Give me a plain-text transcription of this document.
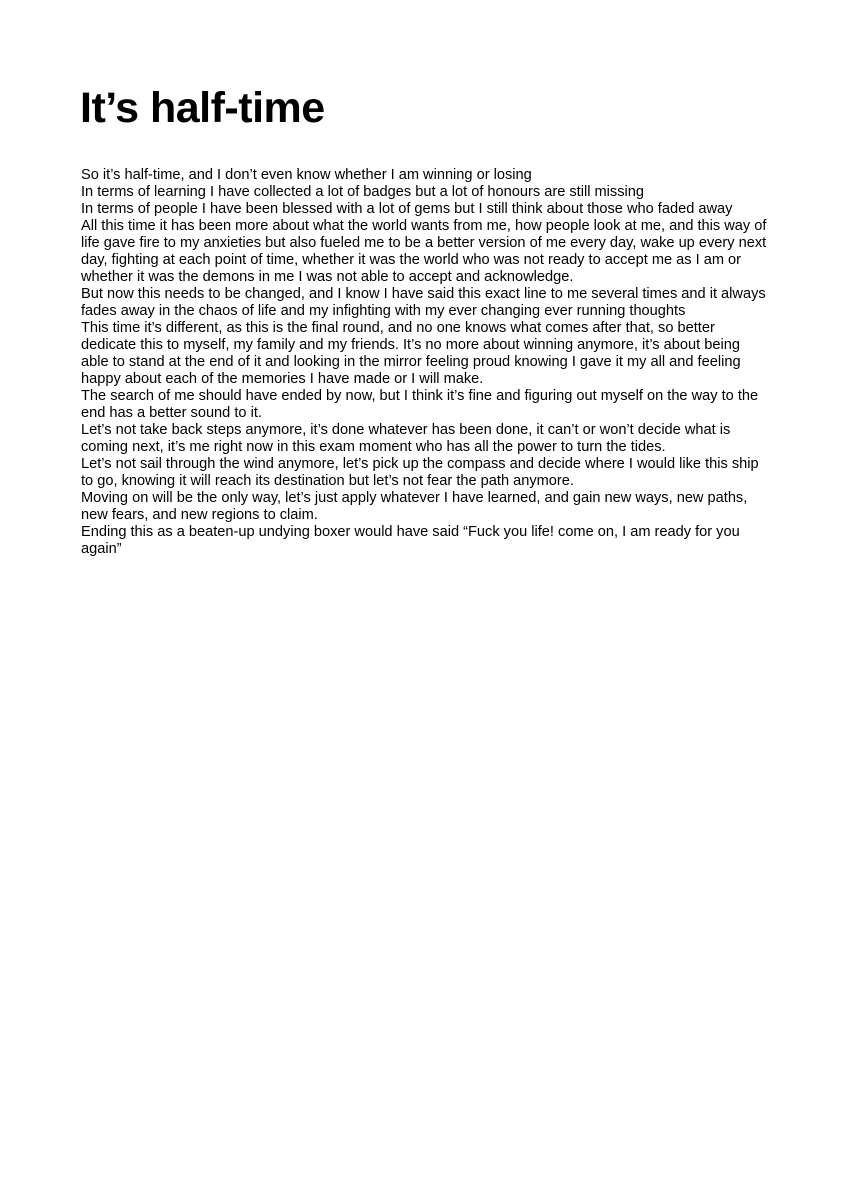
It’s half-time

So it’s half-time, and I don’t even know whether I am winning or losing

In terms of learning I have collected a lot of badges but a lot of honours are still missing

In terms of people I have been blessed with a lot of gems but I still think about those who faded away

All this time it has been more about what the world wants from me, how people look at me, and this way of life gave fire to my anxieties but also fueled me to be a better version of me every day, wake up every next day, fighting at each point of time, whether it was the world who was not ready to accept me as I am or whether it was the demons in me I was not able to accept and acknowledge.

But now this needs to be changed, and I know I have said this exact line to me several times and it always fades away in the chaos of life and my infighting with my ever changing ever running thoughts

This time it’s different, as this is the final round, and no one knows what comes after that, so better dedicate this to myself, my family and my friends. It’s no more about winning anymore, it’s about being able to stand at the end of it and looking in the mirror feeling proud knowing I gave it my all and feeling happy about each of the memories I have made or I will make.

The search of me should have ended by now, but I think it’s fine and figuring out myself on the way to the end has a better sound to it.

Let’s not take back steps anymore, it’s done whatever has been done, it can’t or won’t decide what is coming next, it’s me right now in this exam moment who has all the power to turn the tides.

Let’s not sail through the wind anymore, let’s pick up the compass and decide where I would like this ship to go, knowing it will reach its destination but let’s not fear the path anymore.

Moving on will be the only way, let’s just apply whatever I have learned, and gain new ways, new paths, new fears, and new regions to claim.

Ending this as a beaten-up undying boxer would have said “Fuck you life! come on, I am ready for you again”
